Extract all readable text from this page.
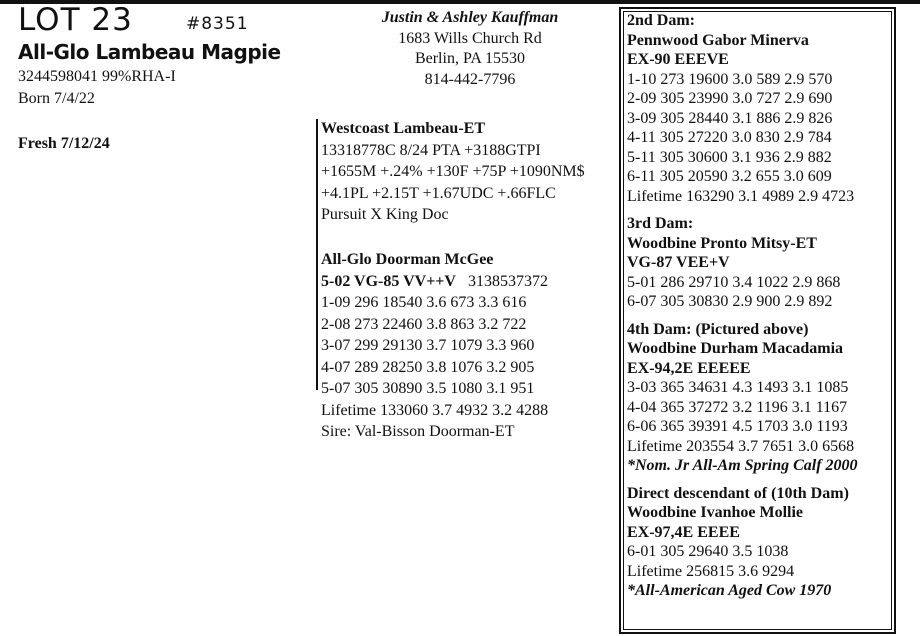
LOT 23	#8351
All-Glo Lambeau Magpie
3244598041 99%RHA-I
Born 7/4/22
Fresh 7/12/24
Justin & Ashley Kauffman
1683 Wills Church Rd
Berlin, PA 15530
814-442-7796
Westcoast Lambeau-ET
13318778C 8/24 PTA +3188GTPI
+1655M +.24% +130F +75P +1090NM$
+4.1PL +2.15T +1.67UDC +.66FLC
Pursuit X King Doc
All-Glo Doorman McGee
5-02 VG-85 VV++V 3138537372
1-09 296 18540 3.6 673 3.3 616
2-08 273 22460 3.8 863 3.2 722
3-07 299 29130 3.7 1079 3.3 960
4-07 289 28250 3.8 1076 3.2 905
5-07 305 30890 3.5 1080 3.1 951
Lifetime 133060 3.7 4932 3.2 4288
Sire: Val-Bisson Doorman-ET
2nd Dam:
Pennwood Gabor Minerva
EX-90 EEEVE
1-10 273 19600 3.0 589 2.9 570
2-09 305 23990 3.0 727 2.9 690
3-09 305 28440 3.1 886 2.9 826
4-11 305 27220 3.0 830 2.9 784
5-11 305 30600 3.1 936 2.9 882
6-11 305 20590 3.2 655 3.0 609
Lifetime 163290 3.1 4989 2.9 4723
3rd Dam:
Woodbine Pronto Mitsy-ET
VG-87 VEE+V
5-01 286 29710 3.4 1022 2.9 868
6-07 305 30830 2.9 900 2.9 892
4th Dam: (Pictured above)
Woodbine Durham Macadamia
EX-94,2E EEEEE
3-03 365 34631 4.3 1493 3.1 1085
4-04 365 37272 3.2 1196 3.1 1167
6-06 365 39391 4.5 1703 3.0 1193
Lifetime 203554 3.7 7651 3.0 6568
*Nom. Jr All-Am Spring Calf 2000
Direct descendant of (10th Dam)
Woodbine Ivanhoe Mollie
EX-97,4E EEEE
6-01 305 29640 3.5 1038
Lifetime 256815 3.6 9294
*All-American Aged Cow 1970
